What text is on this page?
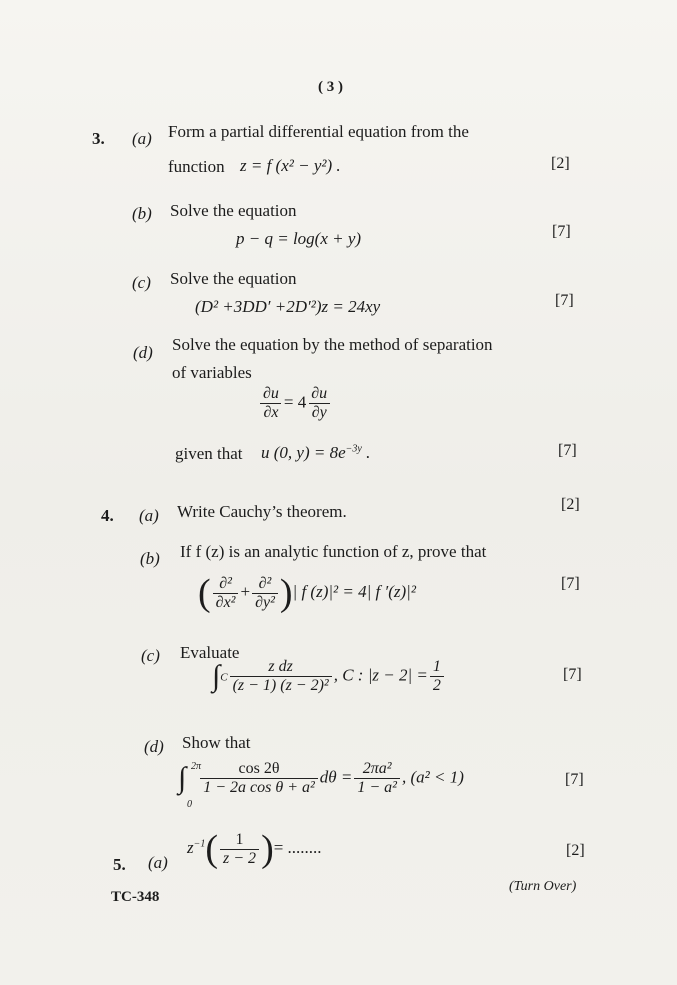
( 3 )
3. (a) Form a partial differential equation from the
function z = f (x² − y²) .	[2]
(b) Solve the equation
p − q = log(x + y)	[7]
(c) Solve the equation
(D² +3DD′ +2D′²)z = 24xy	[7]
(d) Solve the equation by the method of separation
of variables
$\frac{\partial u}{\partial x} = 4 \frac{\partial u}{\partial y}$
given that u (0, $y) = 8e^{-3y}$ .	[7]
4. (a) Write Cauchy’s theorem.	[2]
(b) If f (z) is an analytic function of z, prove that
( $\frac{\text{∂²}}{\text{∂x²}} + \frac{\text{∂²}}{\text{∂y²}}$ )| f (z)|² = 4| f ′(z)|²	[7]
(c) Evaluate
$\int C \frac{\text{z dz}}{\text{(z − 1) (z − 2)²}}$ , C : $|z - 2| = \frac{1}{2}$	[7]
(d) Show that
2π
0
∫ $\frac{\cos 2\theta}{\text{1 − 2a cos θ + a²}}$ $d\theta = \frac{\text{2πa²}}{\text{1 − a²}}$ , (a² < 1)	[7]
5. (a)
$z^{-1}( \frac{1}{z - 2}$ )= ........	[2]
TC-348
(Turn Over)
